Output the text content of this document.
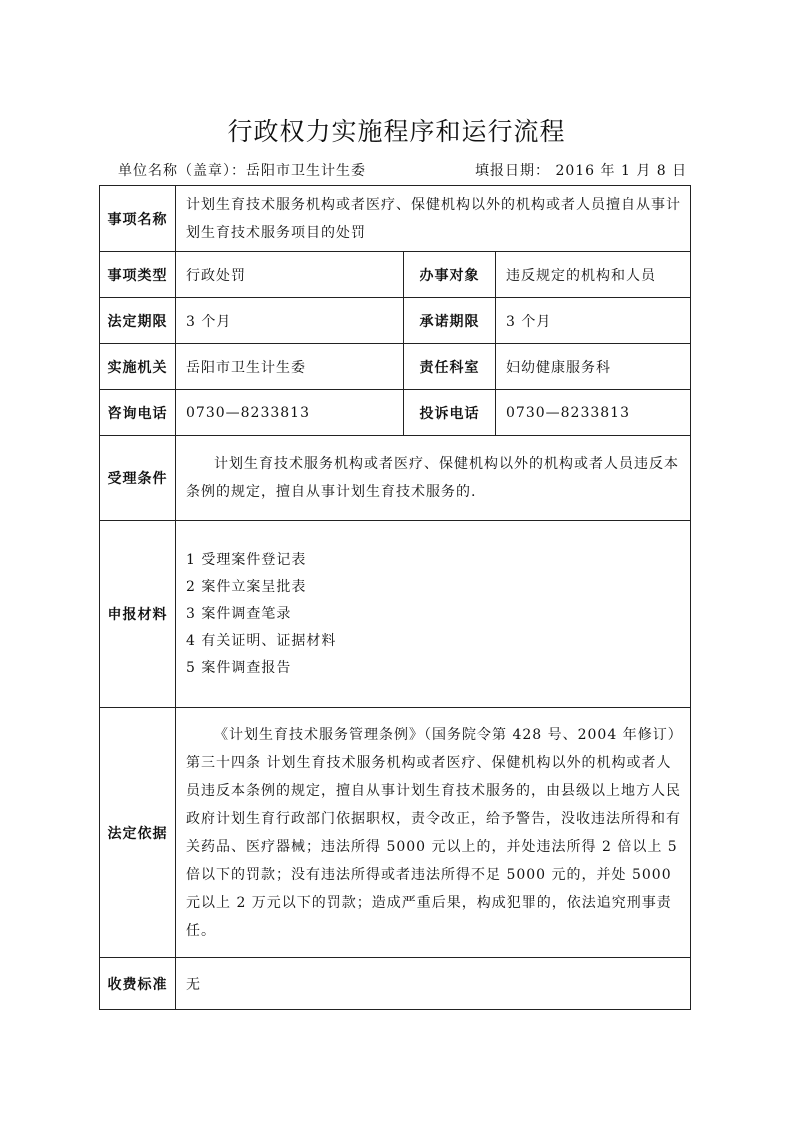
行政权力实施程序和运行流程
单位名称（盖章）：岳阳市卫生计生委	填报日期： 2016 年 1 月 8 日
事项名称	计划生育技术服务机构或者医疗、保健机构以外的机构或者人员擅自从事计划生育技术服务项目的处罚		
事项类型	行政处罚	办事对象	违反规定的机构和人员
法定期限	3 个月	承诺期限	3 个月
实施机关	岳阳市卫生计生委	责任科室	妇幼健康服务科
咨询电话	0730—8233813	投诉电话	0730—8233813
受理条件	计划生育技术服务机构或者医疗、保健机构以外的机构或者人员违反本条例的规定，擅自从事计划生育技术服务的.		
申报材料	1 受理案件登记表
2 案件立案呈批表
3 案件调查笔录
4 有关证明、证据材料
5 案件调查报告		

法定依据	《计划生育技术服务管理条例》（国务院令第 428 号、2004 年修订）第三十四条 计划生育技术服务机构或者医疗、保健机构以外的机构或者人员违反本条例的规定，擅自从事计划生育技术服务的，由县级以上地方人民政府计划生育行政部门依据职权，责令改正，给予警告，没收违法所得和有关药品、医疗器械；违法所得 5000 元以上的，并处违法所得 2 倍以上 5 倍以下的罚款；没有违法所得或者违法所得不足 5000 元的，并处 5000 元以上 2 万元以下的罚款；造成严重后果，构成犯罪的，依法追究刑事责任。		
收费标准	无		
